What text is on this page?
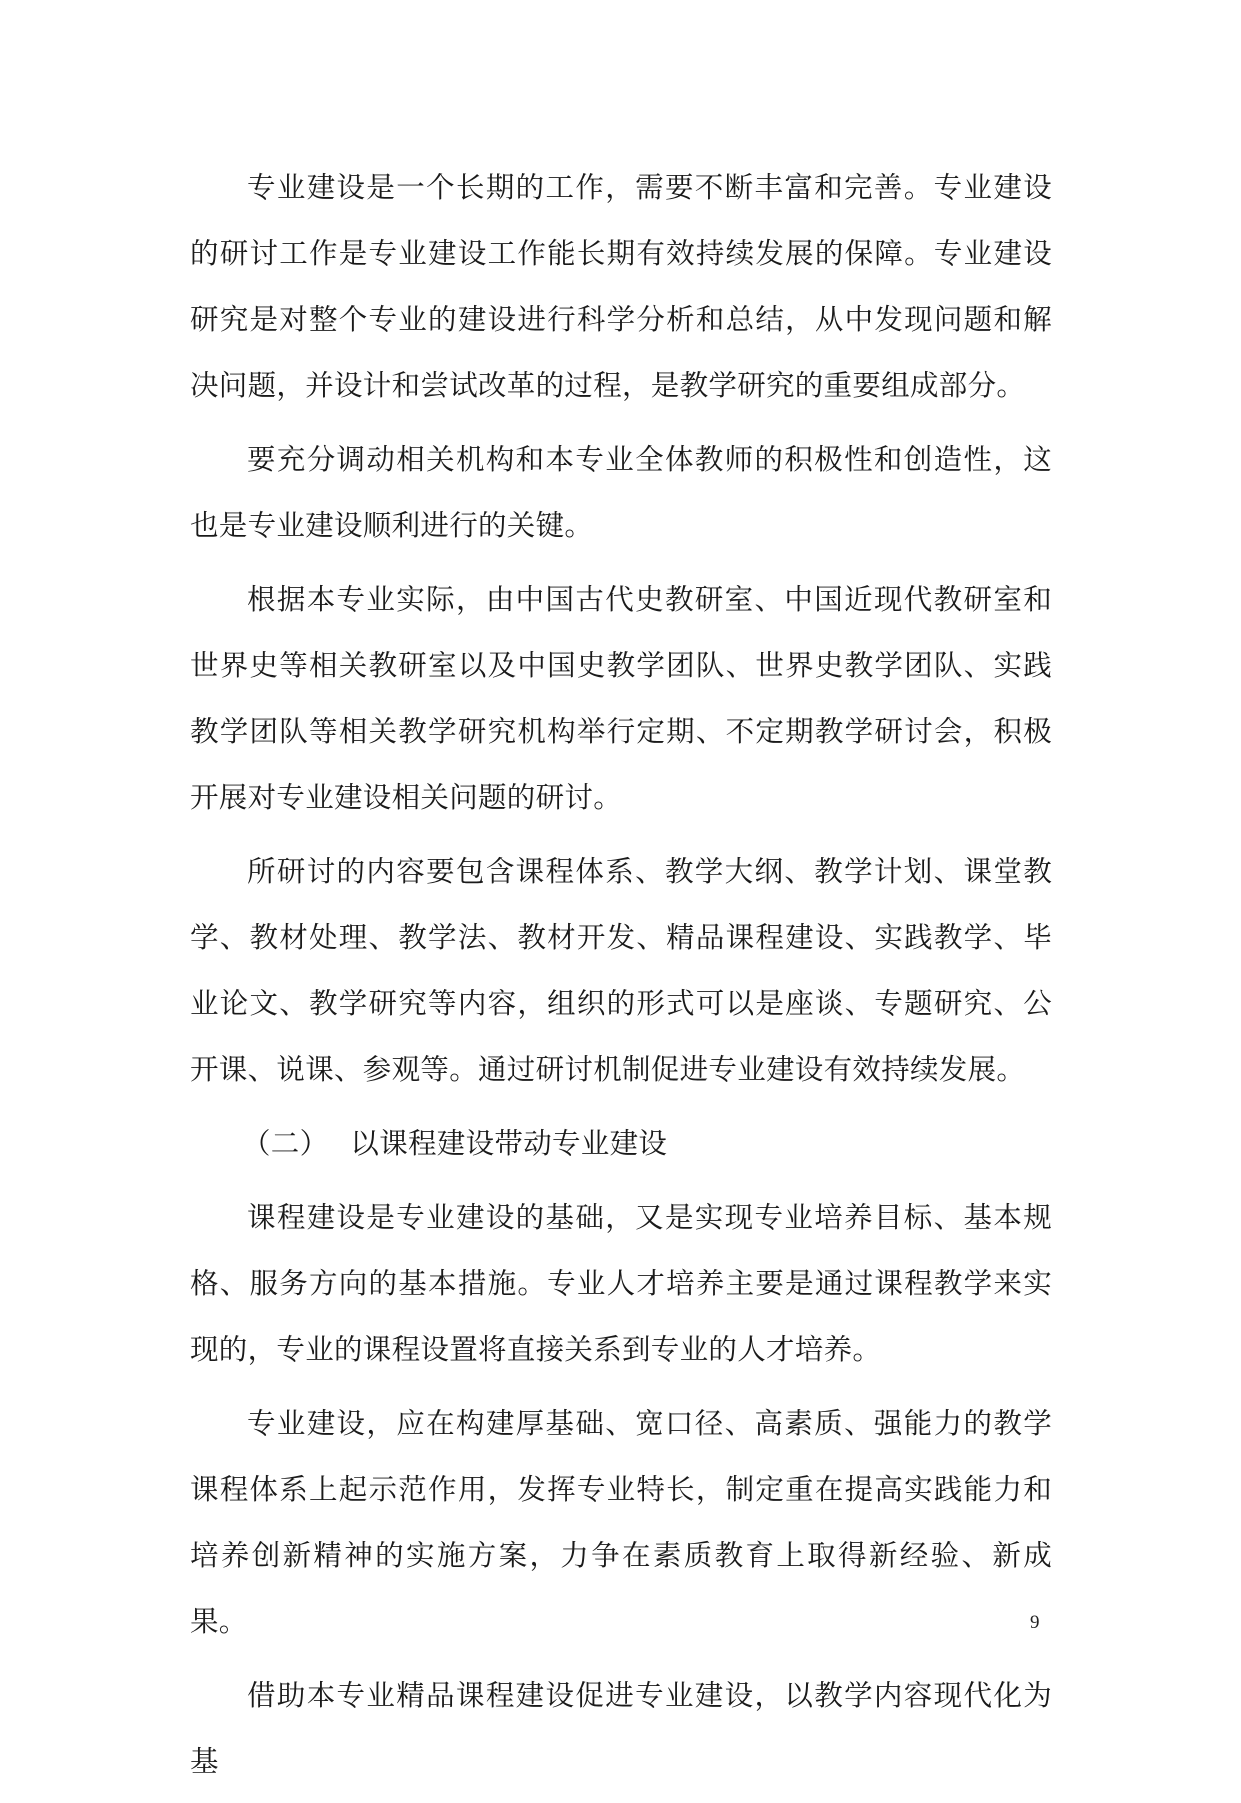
专业建设是一个长期的工作，需要不断丰富和完善。专业建设的研讨工作是专业建设工作能长期有效持续发展的保障。专业建设研究是对整个专业的建设进行科学分析和总结，从中发现问题和解决问题，并设计和尝试改革的过程，是教学研究的重要组成部分。

要充分调动相关机构和本专业全体教师的积极性和创造性，这也是专业建设顺利进行的关键。

根据本专业实际，由中国古代史教研室、中国近现代教研室和世界史等相关教研室以及中国史教学团队、世界史教学团队、实践教学团队等相关教学研究机构举行定期、不定期教学研讨会，积极开展对专业建设相关问题的研讨。

所研讨的内容要包含课程体系、教学大纲、教学计划、课堂教学、教材处理、教学法、教材开发、精品课程建设、实践教学、毕业论文、教学研究等内容，组织的形式可以是座谈、专题研究、公开课、说课、参观等。通过研讨机制促进专业建设有效持续发展。

（二） 以课程建设带动专业建设

课程建设是专业建设的基础，又是实现专业培养目标、基本规格、服务方向的基本措施。专业人才培养主要是通过课程教学来实现的，专业的课程设置将直接关系到专业的人才培养。

专业建设，应在构建厚基础、宽口径、高素质、强能力的教学课程体系上起示范作用，发挥专业特长，制定重在提高实践能力和培养创新精神的实施方案，力争在素质教育上取得新经验、新成果。

借助本专业精品课程建设促进专业建设，以教学内容现代化为基

9
